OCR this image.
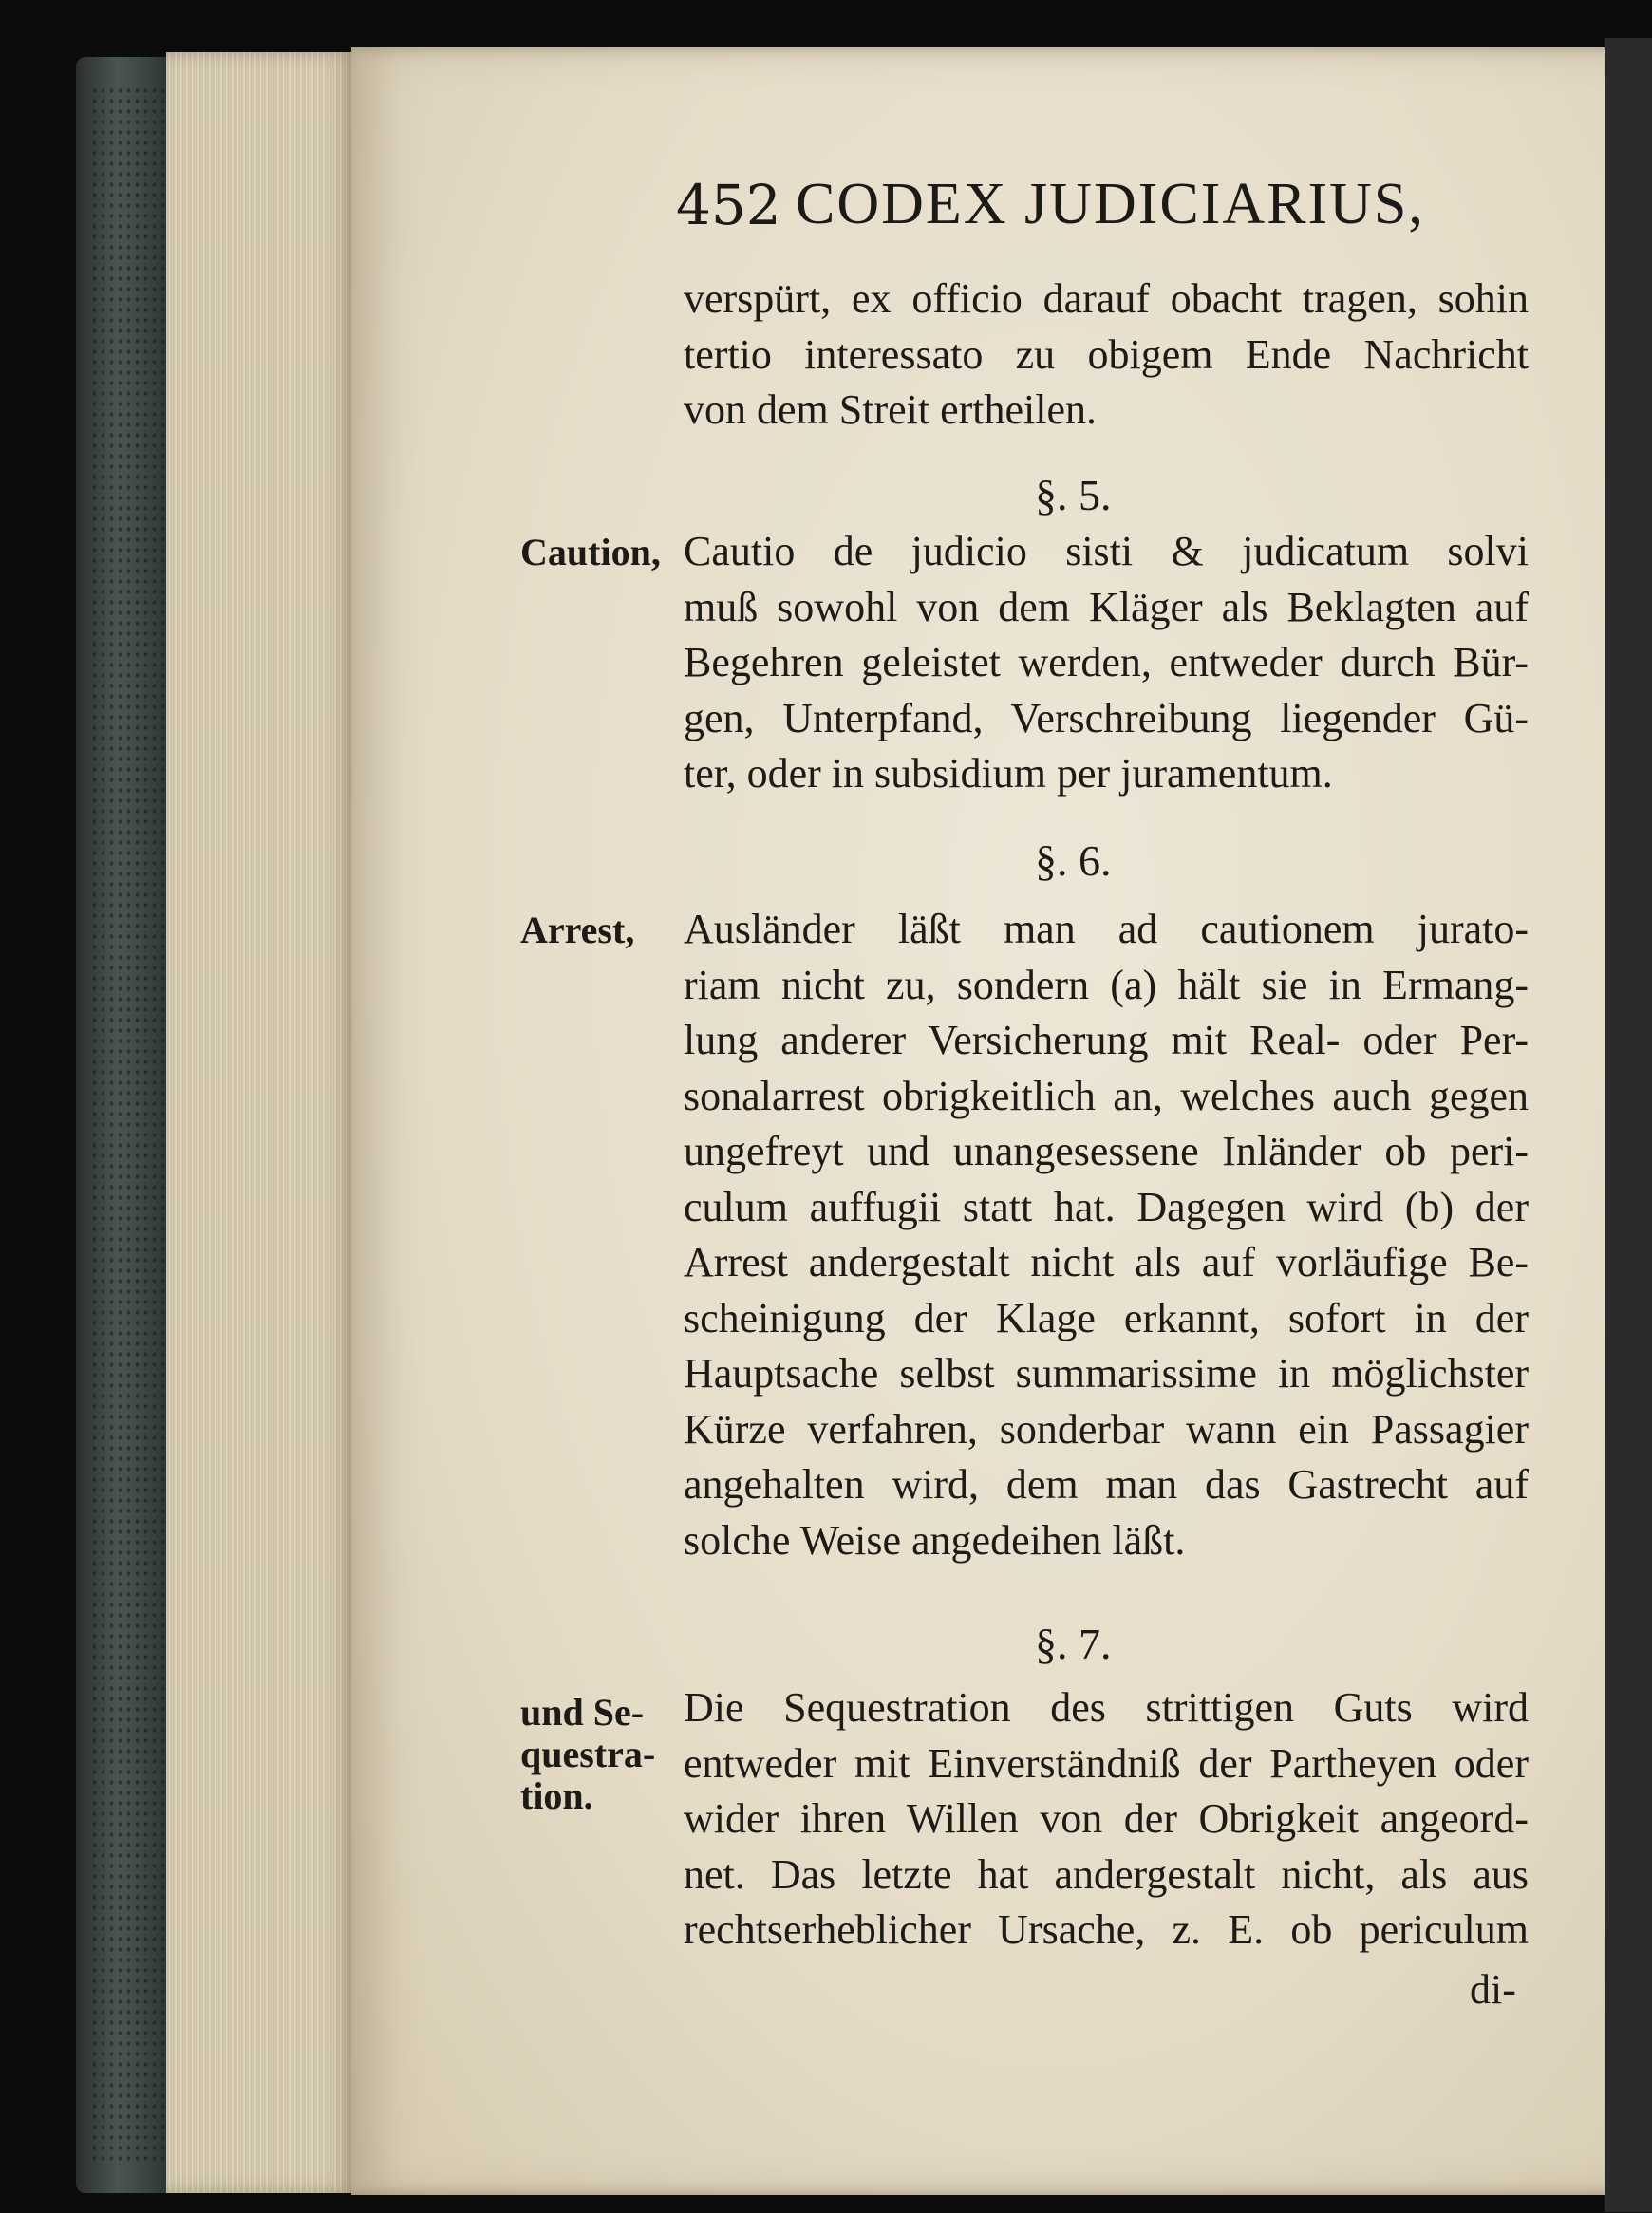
452 CODEX JUDICIARIUS,
verspürt, ex officio darauf obacht tragen, sohin
tertio interessato zu obigem Ende Nachricht
von dem Streit ertheilen.
§. 5.
Caution, Cautio de judicio sisti & judicatum solvi
muß sowohl von dem Kläger als Beklagten auf
Begehren geleistet werden, entweder durch Bür-
gen, Unterpfand, Verschreibung liegender Gü-
ter, oder in subsidium per juramentum.
§. 6.
Arrest, Ausländer läßt man ad cautionem jurato-
riam nicht zu, sondern (a) hält sie in Ermang-
lung anderer Versicherung mit Real- oder Per-
sonalarrest obrigkeitlich an, welches auch gegen
ungefreyt und unangesessene Inländer ob peri-
culum auffugii statt hat. Dagegen wird (b) der
Arrest andergestalt nicht als auf vorläufige Be-
scheinigung der Klage erkannt, sofort in der
Hauptsache selbst summarissime in möglichster
Kürze verfahren, sonderbar wann ein Passagier
angehalten wird, dem man das Gastrecht auf
solche Weise angedeihen läßt.
§. 7.
und Se-
questra-
tion.
Die Sequestration des strittigen Guts wird
entweder mit Einverständniß der Partheyen oder
wider ihren Willen von der Obrigkeit angeord-
net. Das letzte hat andergestalt nicht, als aus
rechtserheblicher Ursache, z. E. ob periculum
di-
